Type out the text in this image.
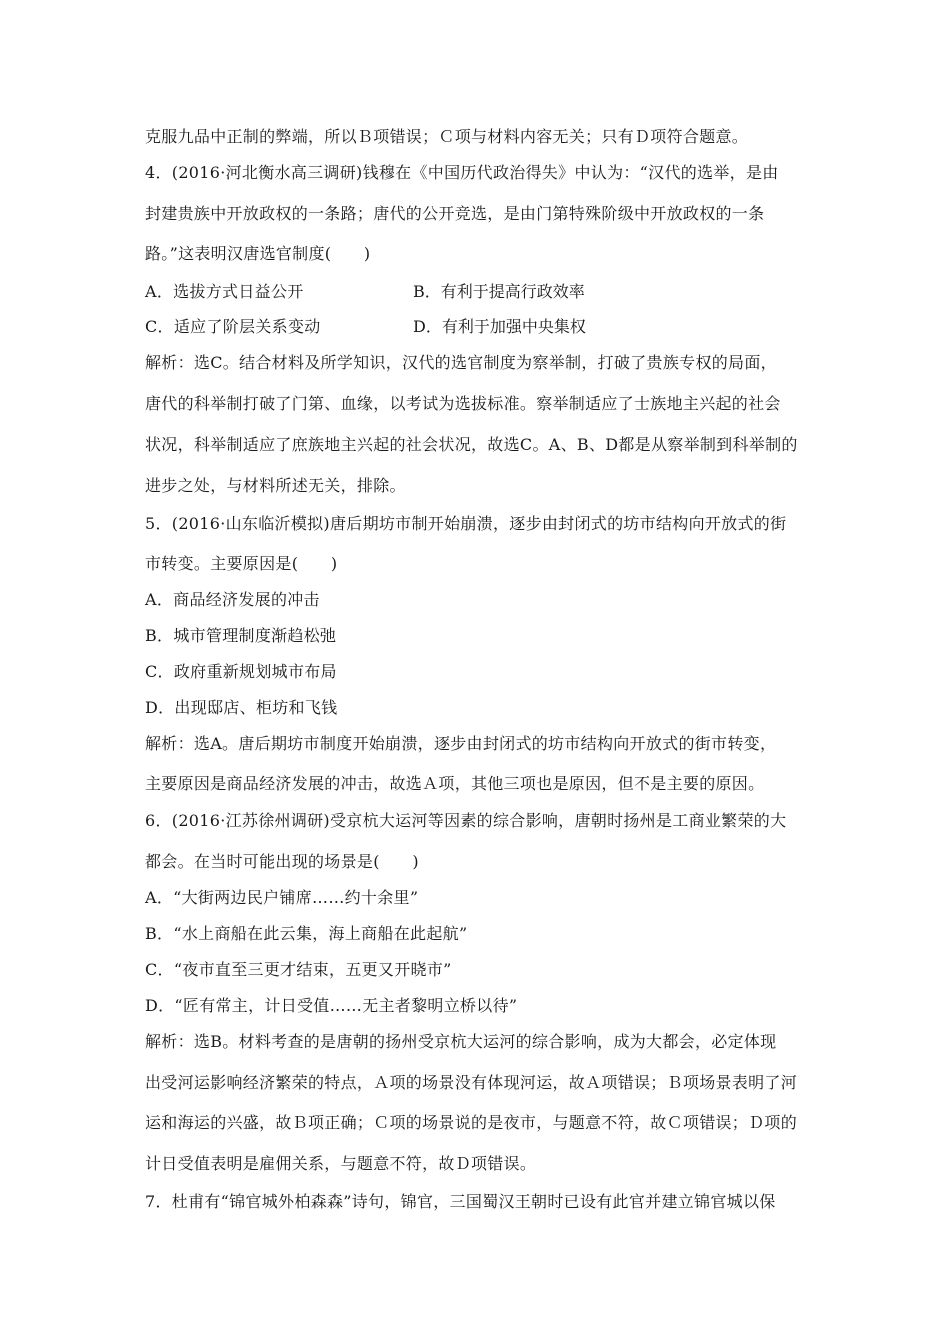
克服九品中正制的弊端，所以Ｂ项错误；Ｃ项与材料内容无关；只有Ｄ项符合题意。
4．(2016·河北衡水高三调研)钱穆在《中国历代政治得失》中认为：“汉代的选举，是由
封建贵族中开放政权的一条路；唐代的公开竞选，是由门第特殊阶级中开放政权的一条
路。”这表明汉唐选官制度(　　)
A．选拔方式日益公开	B．有利于提高行政效率
C．适应了阶层关系变动	D．有利于加强中央集权
解析：选C。结合材料及所学知识，汉代的选官制度为察举制，打破了贵族专权的局面，
唐代的科举制打破了门第、血缘，以考试为选拔标准。察举制适应了士族地主兴起的社会
状况，科举制适应了庶族地主兴起的社会状况，故选C。A、B、D都是从察举制到科举制的
进步之处，与材料所述无关，排除。
5．(2016·山东临沂模拟)唐后期坊市制开始崩溃，逐步由封闭式的坊市结构向开放式的街
市转变。主要原因是(　　)
A．商品经济发展的冲击
B．城市管理制度渐趋松弛
C．政府重新规划城市布局
D．出现邸店、柜坊和飞钱
解析：选A。唐后期坊市制度开始崩溃，逐步由封闭式的坊市结构向开放式的街市转变，
主要原因是商品经济发展的冲击，故选Ａ项，其他三项也是原因，但不是主要的原因。
6．(2016·江苏徐州调研)受京杭大运河等因素的综合影响，唐朝时扬州是工商业繁荣的大
都会。在当时可能出现的场景是(　　)
A．“大街两边民户铺席……约十余里”
B．“水上商船在此云集，海上商船在此起航”
C．“夜市直至三更才结束，五更又开晓市”
D．“匠有常主，计日受值……无主者黎明立桥以待”
解析：选B。材料考查的是唐朝的扬州受京杭大运河的综合影响，成为大都会，必定体现
出受河运影响经济繁荣的特点，Ａ项的场景没有体现河运，故Ａ项错误；Ｂ项场景表明了河
运和海运的兴盛，故Ｂ项正确；Ｃ项的场景说的是夜市，与题意不符，故Ｃ项错误；Ｄ项的
计日受值表明是雇佣关系，与题意不符，故Ｄ项错误。
7．杜甫有“锦官城外柏森森”诗句，锦官，三国蜀汉王朝时已设有此官并建立锦官城以保
